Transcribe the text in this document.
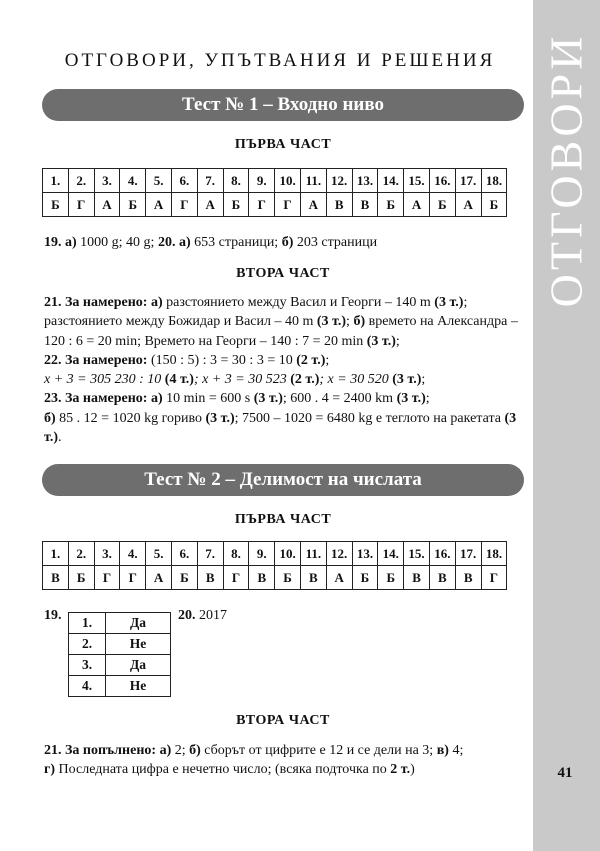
ОТГОВОРИ
41
ОТГОВОРИ, УПЪТВАНИЯ И РЕШЕНИЯ
Тест № 1 – Входно ниво
ПЪРВА ЧАСТ
1.	2.	3.	4.	5.	6.	7.	8.	9.	10.	11.	12.	13.	14.	15.	16.	17.	18.
Б	Г	А	Б	А	Г	А	Б	Г	Г	А	В	В	Б	А	Б	А	Б
19. а) 1000 g; 40 g; 20. а) 653 страници; б) 203 страници
ВТОРА ЧАСТ
21. За намерено: а) разстоянието между Васил и Георги – 140 m (3 т.); разстоянието между Божидар и Васил – 40 m (3 т.); б) времето на Александра – 120 : 6 = 20 min; Времето на Георги – 140 : 7 = 20 min (3 т.);
22. За намерено: (150 : 5) : 3 = 30 : 3 = 10 (2 т.);
x + 3 = 305 230 : 10 (4 т.); x + 3 = 30 523 (2 т.); x = 30 520 (3 т.);
23. За намерено: а) 10 min = 600 s (3 т.); 600 . 4 = 2400 km (3 т.);
б) 85 . 12 = 1020 kg гориво (3 т.); 7500 – 1020 = 6480 kg е теглото на ракетата (3 т.).
Тест № 2 – Делимост на числата
ПЪРВА ЧАСТ
1.	2.	3.	4.	5.	6.	7.	8.	9.	10.	11.	12.	13.	14.	15.	16.	17.	18.
В	Б	Г	Г	А	Б	В	Г	В	Б	В	А	Б	Б	В	В	В	Г
19.	1.	Да
2.	Не
3.	Да
4.	Не
20. 2017
ВТОРА ЧАСТ
21. За попълнено: а) 2; б) сборът от цифрите е 12 и се дели на 3; в) 4;
г) Последната цифра е нечетно число; (всяка подточка по 2 т.)
